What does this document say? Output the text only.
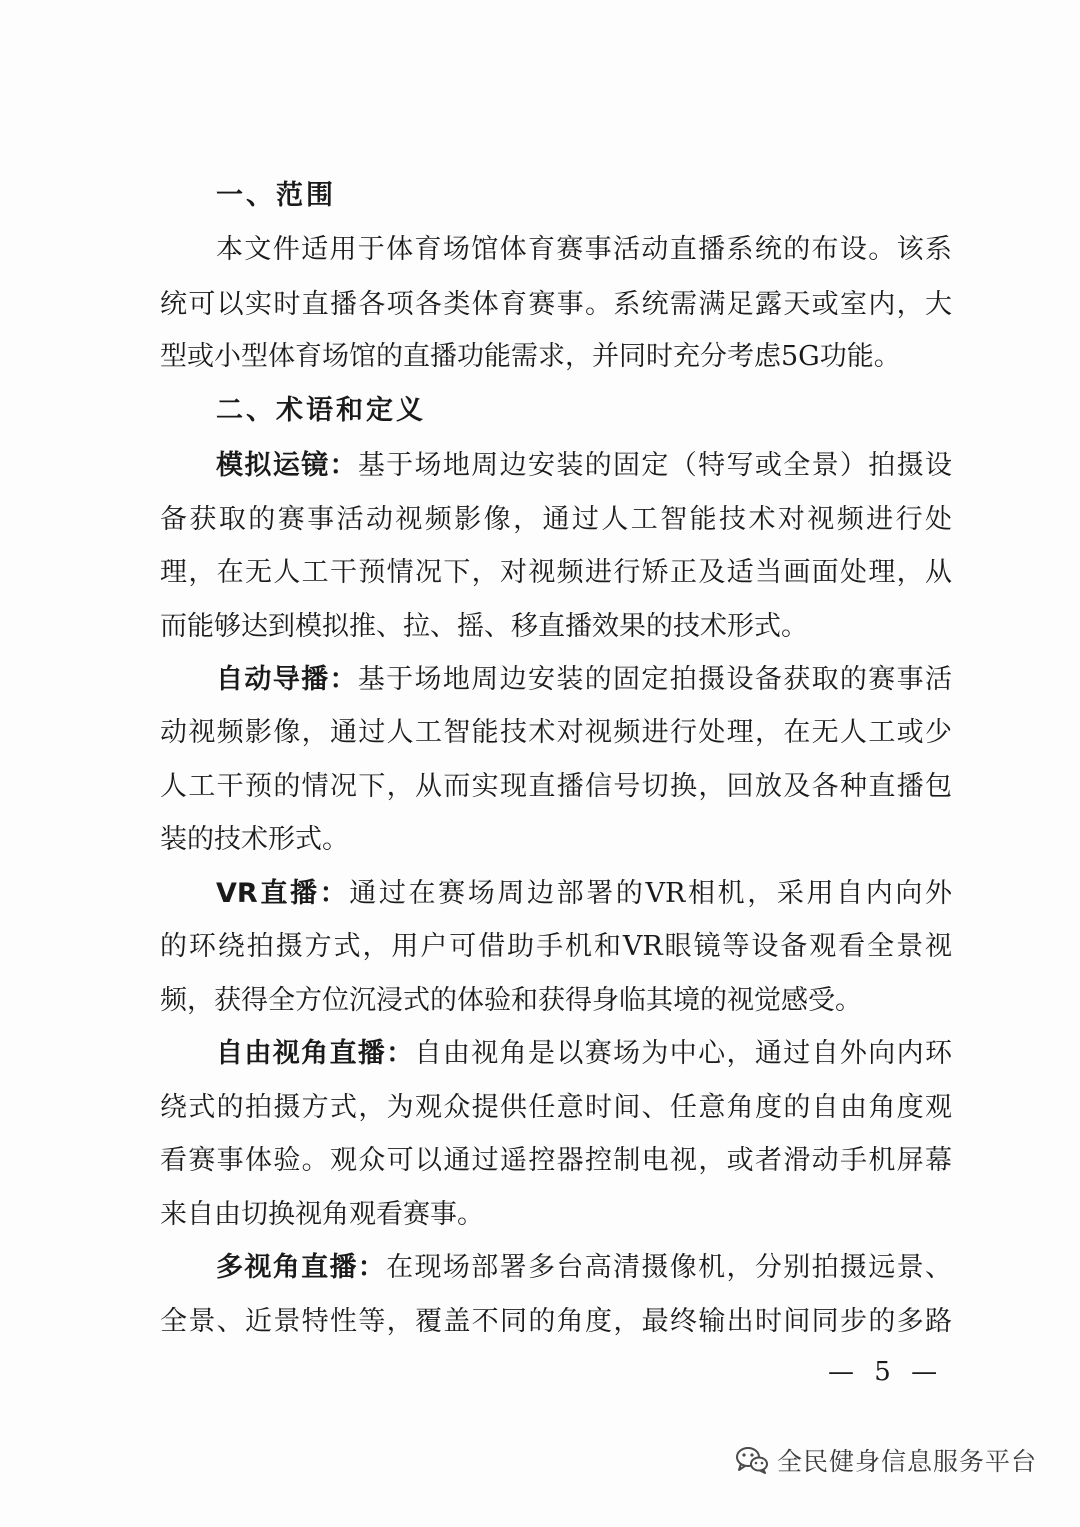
一、范围
本文件适用于体育场馆体育赛事活动直播系统的布设。该系
统可以实时直播各项各类体育赛事。系统需满足露天或室内，大
型或小型体育场馆的直播功能需求，并同时充分考虑5G功能。
二、术语和定义
模拟运镜：基于场地周边安装的固定（特写或全景）拍摄设
备获取的赛事活动视频影像，通过人工智能技术对视频进行处
理，在无人工干预情况下，对视频进行矫正及适当画面处理，从
而能够达到模拟推、拉、摇、移直播效果的技术形式。
自动导播：基于场地周边安装的固定拍摄设备获取的赛事活
动视频影像，通过人工智能技术对视频进行处理，在无人工或少
人工干预的情况下，从而实现直播信号切换，回放及各种直播包
装的技术形式。
VR直播：通过在赛场周边部署的VR相机，采用自内向外
的环绕拍摄方式，用户可借助手机和VR眼镜等设备观看全景视
频，获得全方位沉浸式的体验和获得身临其境的视觉感受。
自由视角直播：自由视角是以赛场为中心，通过自外向内环
绕式的拍摄方式，为观众提供任意时间、任意角度的自由角度观
看赛事体验。观众可以通过遥控器控制电视，或者滑动手机屏幕
来自由切换视角观看赛事。
多视角直播：在现场部署多台高清摄像机，分别拍摄远景、
全景、近景特性等，覆盖不同的角度，最终输出时间同步的多路
— 5 —
全民健身信息服务平台
